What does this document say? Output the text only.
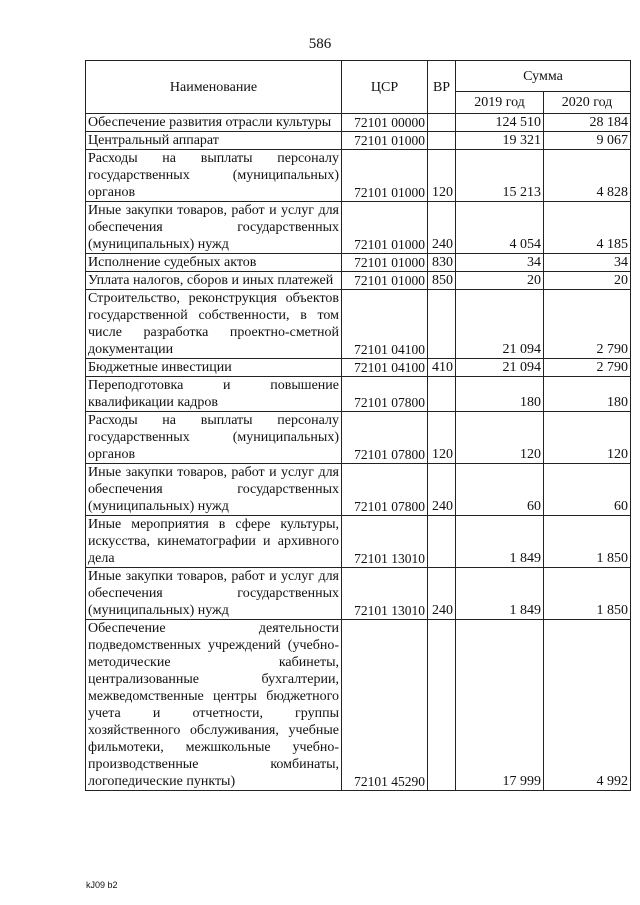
586
Наименование	ЦСР	ВР	Сумма	
			2019 год	2020 год
Обеспечение развития отрасли культуры	72101 00000		124 510	28 184
Центральный аппарат	72101 01000		19 321	9 067
Расходы на выплаты персоналу государственных (муниципальных) органов	72101 01000	120	15 213	4 828
Иные закупки товаров, работ и услуг для обеспечения государственных (муниципальных) нужд	72101 01000	240	4 054	4 185
Исполнение судебных актов	72101 01000	830	34	34
Уплата налогов, сборов и иных платежей	72101 01000	850	20	20
Строительство, реконструкция объектов государственной собственности, в том числе разработка проектно-сметной документации	72101 04100		21 094	2 790
Бюджетные инвестиции	72101 04100	410	21 094	2 790
Переподготовка и повышение квалификации кадров	72101 07800		180	180
Расходы на выплаты персоналу государственных (муниципальных) органов	72101 07800	120	120	120
Иные закупки товаров, работ и услуг для обеспечения государственных (муниципальных) нужд	72101 07800	240	60	60
Иные мероприятия в сфере культуры, искусства, кинематографии и архивного дела	72101 13010		1 849	1 850
Иные закупки товаров, работ и услуг для обеспечения государственных (муниципальных) нужд	72101 13010	240	1 849	1 850
Обеспечение деятельности подведомственных учреждений (учебно-методические кабинеты, централизованные бухгалтерии, межведомственные центры бюджетного учета и отчетности, группы хозяйственного обслуживания, учебные фильмотеки, межшкольные учебно-производственные комбинаты, логопедические пункты)	72101 45290		17 999	4 992
kJ09 b2
